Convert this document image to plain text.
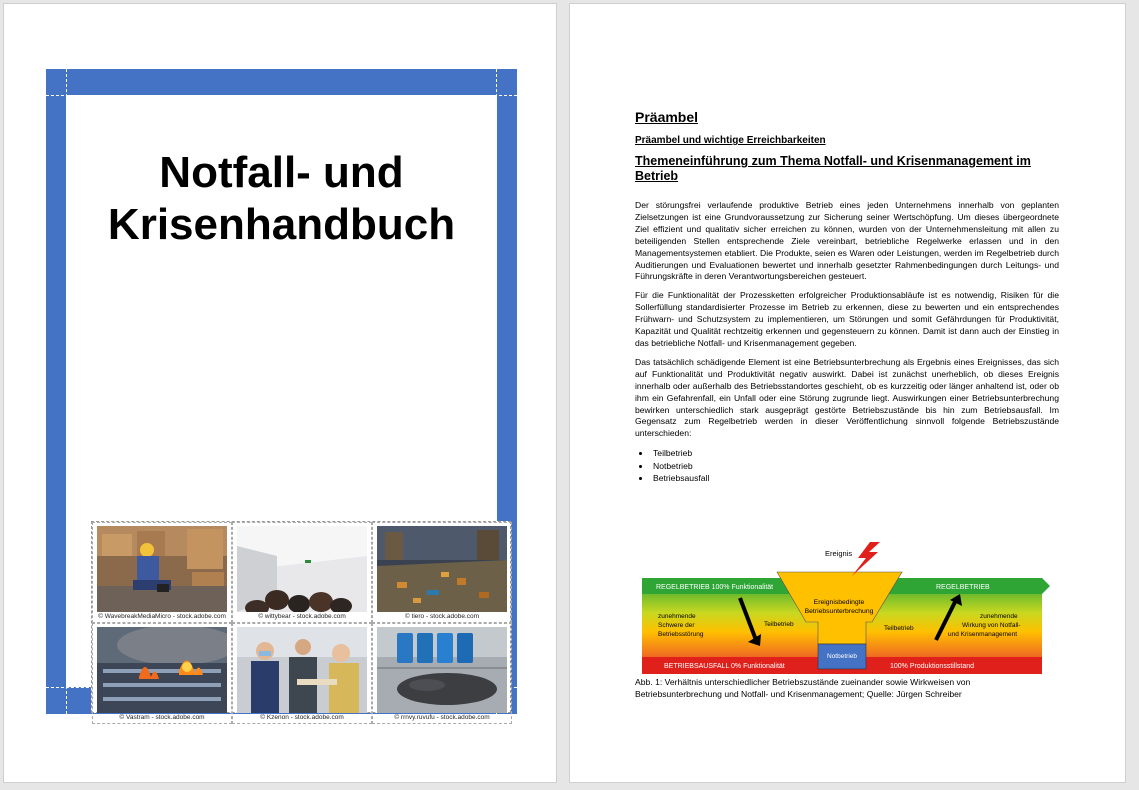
Notfall- und
Krisenhandbuch
© WavebreakMediaMicro - stock.adobe.com	© wittybear - stock.adobe.com	© tiero - stock.adobe.com
© Vastram - stock.adobe.com	© Kzenon - stock.adobe.com	© rrnvy.ruvufu - stock.adobe.com
Präambel
Präambel und wichtige Erreichbarkeiten
Themeneinführung zum Thema Notfall- und Krisenmanagement im Betrieb

Der störungsfrei verlaufende produktive Betrieb eines jeden Unternehmens innerhalb von geplanten Zielsetzungen ist eine Grundvoraussetzung zur Sicherung seiner Wertschöpfung. Um dieses übergeordnete Ziel effizient und qualitativ sicher erreichen zu können, wurden von der Unternehmensleitung mit allen zu beteiligenden Stellen entsprechende Ziele vereinbart, betriebliche Regelwerke erlassen und in den Managementsystemen etabliert. Die Produkte, seien es Waren oder Leistungen, werden im Regelbetrieb durch Auditierungen und Evaluationen bewertet und innerhalb gesetzter Rahmenbedingungen durch Leitungs- und Führungskräfte in deren Verantwortungsbereichen gesteuert.

Für die Funktionalität der Prozessketten erfolgreicher Produktionsabläufe ist es notwendig, Risiken für die Sollerfüllung standardisierter Prozesse im Betrieb zu erkennen, diese zu bewerten und ein entsprechendes Frühwarn- und Schutzsystem zu implementieren, um Störungen und somit Gefährdungen für Produktivität, Kapazität und Qualität rechtzeitig erkennen und gegensteuern zu können. Damit ist dann auch der Einstieg in das betriebliche Notfall- und Krisenmanagement gegeben.

Das tatsächlich schädigende Element ist eine Betriebsunterbrechung als Ergebnis eines Ereignisses, das sich auf Funktionalität und Produktivität negativ auswirkt. Dabei ist zunächst unerheblich, ob dieses Ereignis innerhalb oder außerhalb des Betriebsstandortes geschieht, ob es kurzzeitig oder länger anhaltend ist, oder ob ihm ein Gefahrenfall, ein Unfall oder eine Störung zugrunde liegt. Auswirkungen einer Betriebsunterbrechung bewirken unterschiedlich stark ausgeprägt gestörte Betriebszustände bis hin zum Betriebsausfall. Im Gegensatz zum Regelbetrieb werden in dieser Veröffentlichung sinnvoll folgende Betriebszustände unterschieden:

• Teilbetrieb
• Notbetrieb
• Betriebsausfall
Ereignis
REGELBETRIEB 100% Funktionalität	REGELBETRIEB
Ereignisbedingte
Betriebsunterbrechung
zunehmende
Schwere der
Betriebsstörung
Teilbetrieb
Teilbetrieb
zunehmende
Wirkung von Notfall-
und Krisenmanagement
Notbetrieb
BETRIEBSAUSFALL 0% Funktionalität	100% Produktionsstillstand
Abb. 1: Verhältnis unterschiedlicher Betriebszustände zueinander sowie Wirkweisen von Betriebsunterbrechung und Notfall- und Krisenmanagement; Quelle: Jürgen Schreiber
